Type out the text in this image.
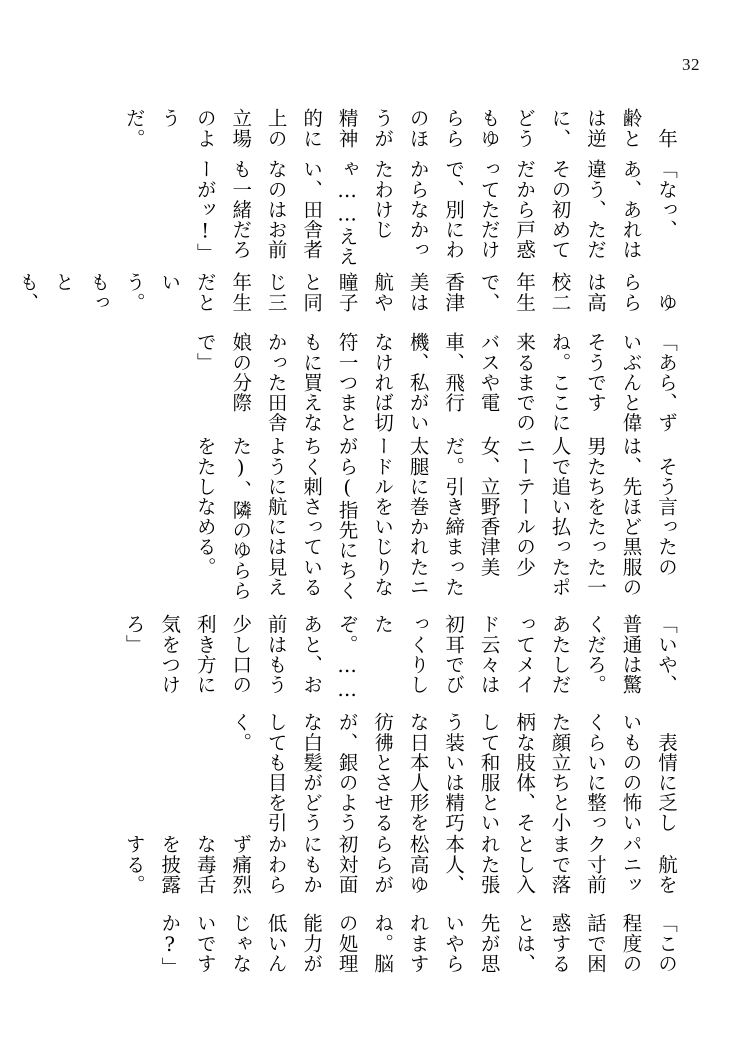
32
「この程度の話で困惑するとは、先が思いやられますね。脳の処理能力が低いんじゃないですか?」
　航をパニック寸前まで落とし入れた張本人、松高ゆららが初対面にもかかわらず痛烈な毒舌を披露する。
　表情に乏しいものの怖いくらいに整った顔立ちと小柄な肢体、そして和服という装いは精巧な日本人形を彷彿とさせるが、銀のような白髪がどうしても目を引く。
「いや、普通は驚くだろ。あたしだってメイド云々は初耳でびっくりしたぞ。……あと、お前はもう少し口の利き方に気をつけろ」
　そう言ったのは、先ほど黒服の男たちをたった一人で追い払ったポニーテールの少女、立野香津美だ。引き締まった太腿に巻かれたニードルをいじりながら(指先にちくちく刺さっているように航には見えた)、隣のゆららをたしなめる。
「あら、ずいぶんと偉そうですね。ここに来るまでのバスや電車、飛行機、私がいなければ切符一つまともに買えなかった田舎娘の分際で」
　ゆららは高校二年生で、香津美は航や瞳子と同じ三年生だという。もっとも、
「なっ、あ、あれは違う、ただその初めてだから戸惑ってただけで、別にわからなかったわけじゃ……ええい、田舎者なのはお前も一緒だろーがッ!」
　年齢とは逆に、どうもゆららのほうが精神的に上の立場のようだ。
